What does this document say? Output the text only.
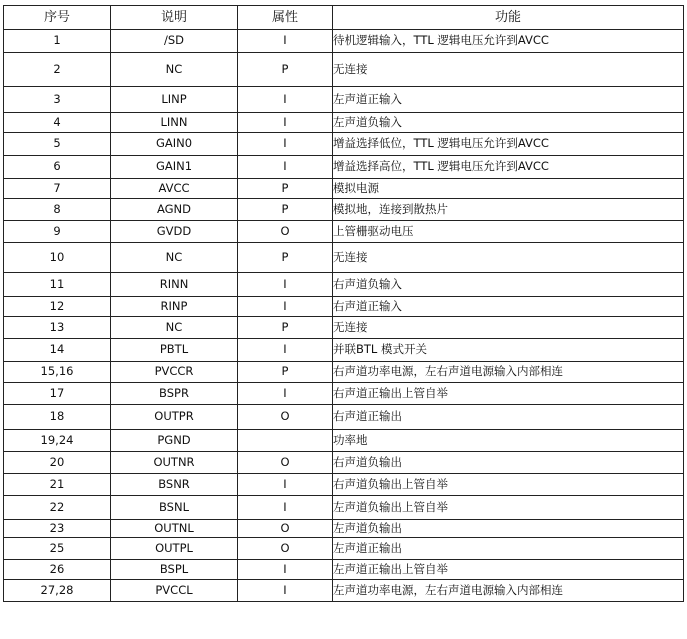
序号	说明	属性	功能
1	/SD	I	待机逻辑输入，TTL 逻辑电压允许到AVCC
2	NC	P	无连接
3	LINP	I	左声道正输入
4	LINN	I	左声道负输入
5	GAIN0	I	增益选择低位，TTL 逻辑电压允许到AVCC
6	GAIN1	I	增益选择高位，TTL 逻辑电压允许到AVCC
7	AVCC	P	模拟电源
8	AGND	P	模拟地，连接到散热片
9	GVDD	O	上管栅驱动电压
10	NC	P	无连接
11	RINN	I	右声道负输入
12	RINP	I	右声道正输入
13	NC	P	无连接
14	PBTL	I	并联BTL 模式开关
15,16	PVCCR	P	右声道功率电源，左右声道电源输入内部相连
17	BSPR	I	右声道正输出上管自举
18	OUTPR	O	右声道正输出
19,24	PGND		功率地
20	OUTNR	O	右声道负输出
21	BSNR	I	右声道负输出上管自举
22	BSNL	I	左声道负输出上管自举
23	OUTNL	O	左声道负输出
25	OUTPL	O	左声道正输出
26	BSPL	I	左声道正输出上管自举
27,28	PVCCL	I	左声道功率电源，左右声道电源输入内部相连
